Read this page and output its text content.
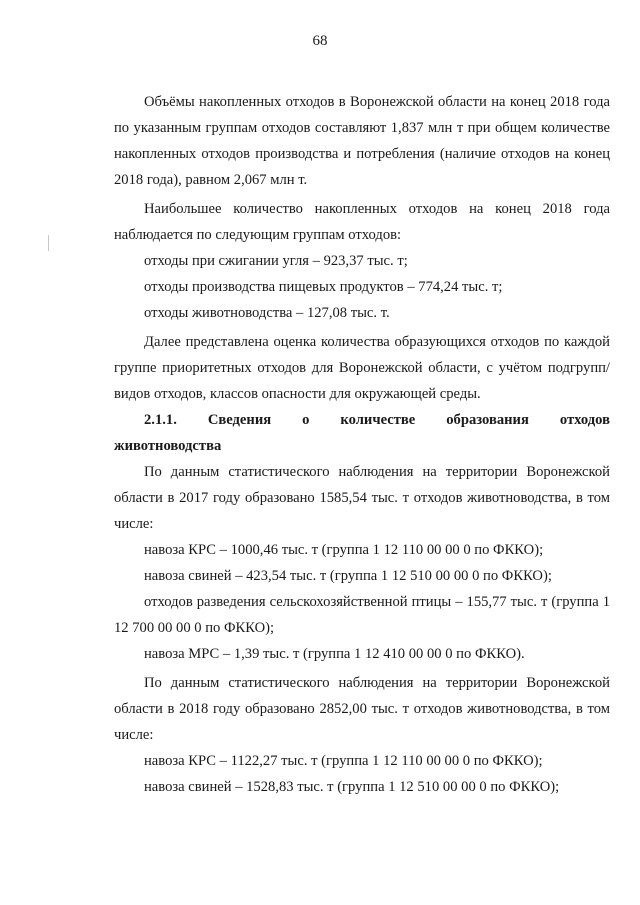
68

Объёмы накопленных отходов в Воронежской области на конец 2018 года по указанным группам отходов составляют 1,837 млн т при общем количестве накопленных отходов производства и потребления (наличие отходов на конец 2018 года), равном 2,067 млн т.

Наибольшее количество накопленных отходов на конец 2018 года наблюдается по следующим группам отходов:

отходы при сжигании угля – 923,37 тыс. т;

отходы производства пищевых продуктов – 774,24 тыс. т;

отходы животноводства – 127,08 тыс. т.

Далее представлена оценка количества образующихся отходов по каждой группе приоритетных отходов для Воронежской области, с учётом подгрупп/видов отходов, классов опасности для окружающей среды.

2.1.1. Сведения о количестве образования отходов
животноводства

По данным статистического наблюдения на территории Воронежской области в 2017 году образовано 1585,54 тыс. т отходов животноводства, в том числе:

навоза КРС – 1000,46 тыс. т (группа 1 12 110 00 00 0 по ФККО);

навоза свиней – 423,54 тыс. т (группа 1 12 510 00 00 0 по ФККО);

отходов разведения сельскохозяйственной птицы – 155,77 тыс. т (группа 1 12 700 00 00 0 по ФККО);

навоза МРС – 1,39 тыс. т (группа 1 12 410 00 00 0 по ФККО).

По данным статистического наблюдения на территории Воронежской области в 2018 году образовано 2852,00 тыс. т отходов животноводства, в том числе:

навоза КРС – 1122,27 тыс. т (группа 1 12 110 00 00 0 по ФККО);

навоза свиней – 1528,83 тыс. т (группа 1 12 510 00 00 0 по ФККО);
